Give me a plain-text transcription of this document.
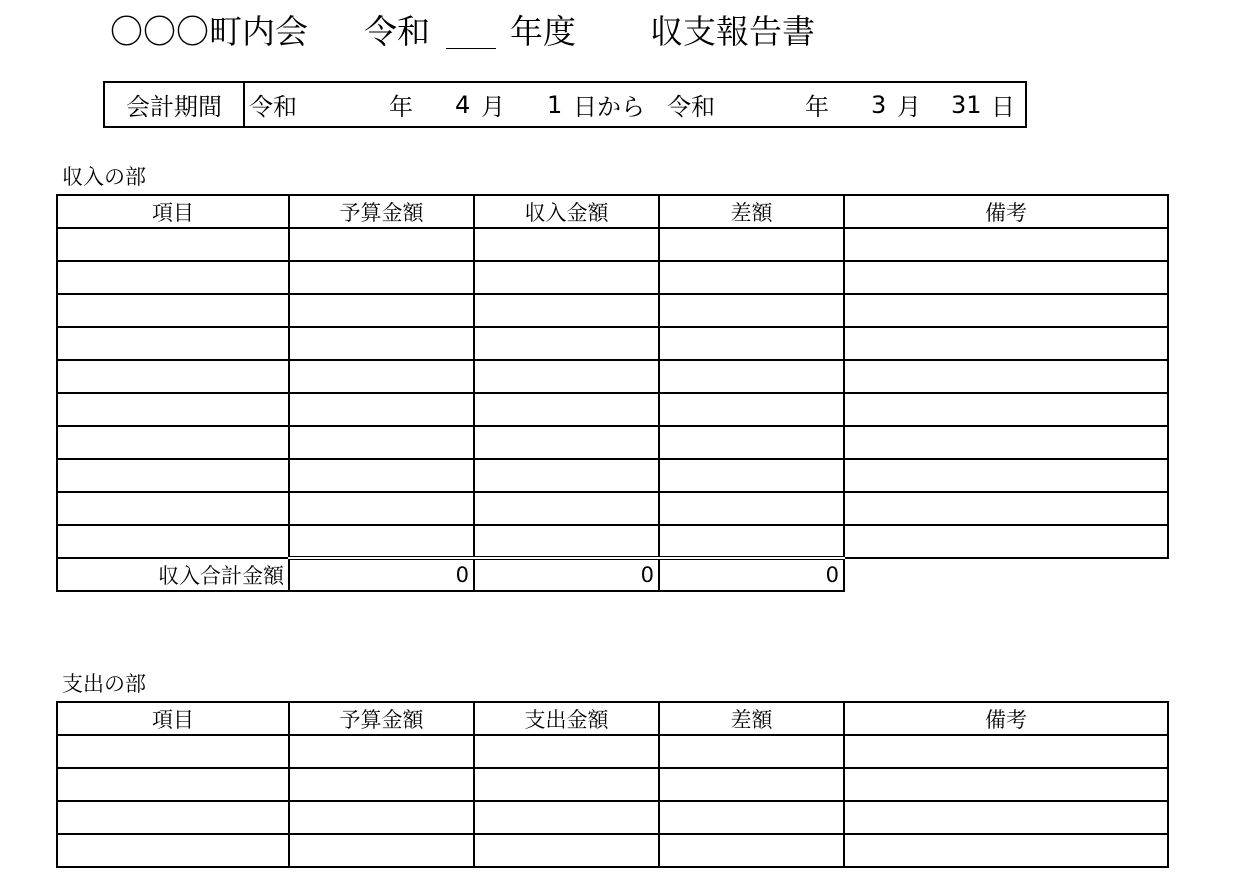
〇〇〇町内会 令和 年度 収支報告書
会計期間	令和	年 4 月 1 日から 令和	年 3 月 31 日
収入の部
項目	予算金額	収入金額	差額	備考

収入合計金額	0	0	0	
支出の部
項目	予算金額	支出金額	差額	備考
